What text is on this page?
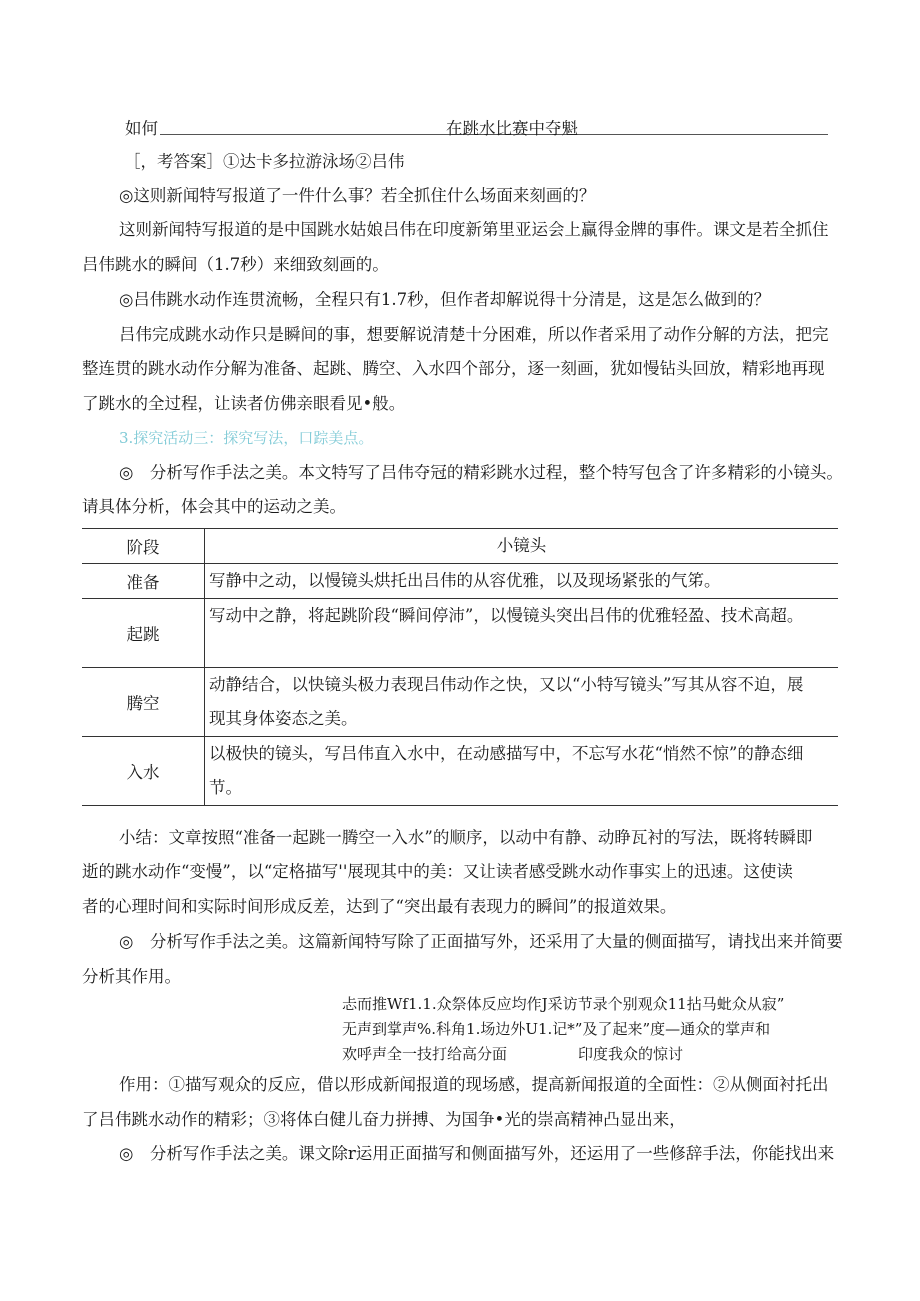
如何	在跳水比赛中夺魁
［，考答案］①达卡多拉游泳场②吕伟
◎这则新闻特写报道了一件什么事？若全抓住什么场面来刻画的？
这则新闻特写报道的是中国跳水姑娘吕伟在印度新第里亚运会上赢得金牌的事件。课文是若全抓住
吕伟跳水的瞬间（1.7秒）来细致刻画的。
◎吕伟跳水动作连贯流畅，全程只有1.7秒，但作者却解说得十分清是，这是怎么做到的？
吕伟完成跳水动作只是瞬间的事，想要解说清楚十分困难，所以作者采用了动作分解的方法，把完
整连贯的跳水动作分解为准备、起跳、腾空、入水四个部分，逐一刻画，犹如慢钻头回放，精彩地再现
了跳水的全过程，让读者仿佛亲眼看见•般。
3.探究活动三：探究写法，口踪美点。
◎　分析写作手法之美。本文特写了吕伟夺冠的精彩跳水过程，整个特写包含了许多精彩的小镜头。
请具体分析，体会其中的运动之美。
阶段	小镜头
准备	写静中之动，以慢镜头烘托出吕伟的从容优雅，以及现场紧张的气笫。

起跳	写动中之静，将起跳阶段“瞬间停沛”，以慢镜头突出吕伟的优雅轻盈、技术高超。

腾空	动静结合，以快镜头极力表现吕伟动作之快，又以“小特写镜头”写其从容不迫，展
现其身体姿态之美。

入水	以极快的镜头，写吕伟直入水中，在动感描写中，不忘写水花“悄然不惊”的静态细
节。
小结：文章按照“准备一起跳一腾空一入水”的顺序，以动中有静、动睁瓦衬的写法，既将转瞬即
逝的跳水动作“变慢”，以“定格描写''展现其中的美：又让读者感受跳水动作事实上的迅速。这使读
者的心理时间和实际时间形成反差，达到了“突出最有表现力的瞬间”的报道效果。
◎　分析写作手法之美。这篇新闻特写除了正面描写外，还采用了大量的侧面描写，请找出来并简要
分析其作用。
忐而推Wf1.1.众祭体反应均作J采访节录个别观众11拈马蚍众从寂”
无声到掌声%.科角1.场边外U1.记*”及了起来”度—通众的掌声和
欢呼声全一技打给高分面	印度我众的惊讨
作用：①描写观众的反应，借以形成新闻报道的现场感，提高新闻报道的全面性：②从侧面衬托出
了吕伟跳水动作的精彩；③将体白健儿奋力拼搏、为国争•光的崇高精神凸显出来，
◎　分析写作手法之美。课文除r运用正面描写和侧面描写外，还运用了一些修辞手法，你能找出来
